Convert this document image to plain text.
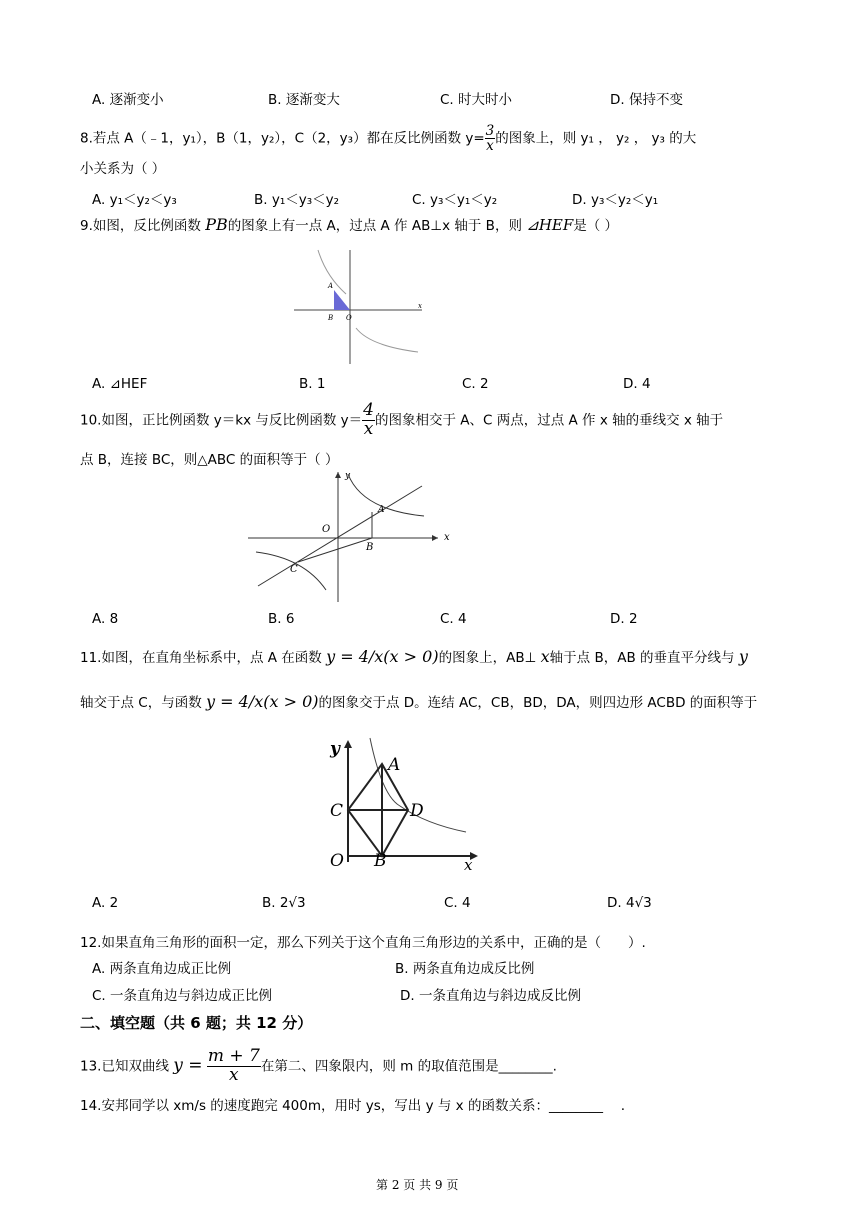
A. 逐渐变小	B. 逐渐变大	C. 时大时小	D. 保持不变
8.若点 A（﹣1，y₁），B（1，y₂），C（2，y₃）都在反比例函数 $y= \frac{3}{x}$ 的图象上，则 y₁ ， y₂ ， y₃ 的大
小关系为（ ）
A. y₁＜y₂＜y₃	B. y₁＜y₃＜y₂	C. y₃＜y₁＜y₂	D. y₃＜y₂＜y₁
9.如图，反比例函数 PB的图象上有一点 A，过点 A 作 AB⊥x 轴于 B，则 ⊿HEF是（ ）
A
B O
x
A. ⊿HEF	B. 1	C. 2	D. 4
10.如图，正比例函数 y＝kx 与反比例函数 $y= \frac{4}{x}$ 的图象相交于 A、C 两点，过点 A 作 x 轴的垂线交 x 轴于
点 B，连接 BC，则△ABC 的面积等于（ ）
y
O
A
B
C
x
A. 8	B. 6	C. 4	D. 2
11.如图，在直角坐标系中，点 A 在函数 y = 4/x(x > 0)的图象上，AB⊥ x轴于点 B，AB 的垂直平分线与 y
轴交于点 C，与函数 y = 4/x(x > 0)的图象交于点 D。连结 AC，CB，BD，DA，则四边形 ACBD 的面积等于
y
A
C	D
O B	x
A. 2	B. 2√3	C. 4	D. 4√3
12.如果直角三角形的面积一定，那么下列关于这个直角三角形边的关系中，正确的是（　　）.
A. 两条直角边成正比例	B. 两条直角边成反比例
C. 一条直角边与斜边成正比例	D. 一条直角边与斜边成反比例
二、填空题（共 6 题；共 12 分）
13.已知双曲线 $y = \frac{m + 7}{x}$ 在第二、四象限内，则 m 的取值范围是________.
14.安邦同学以 xm/s 的速度跑完 400m，用时 ys，写出 y 与 x 的函数关系：________　 .
第 2 页 共 9 页
